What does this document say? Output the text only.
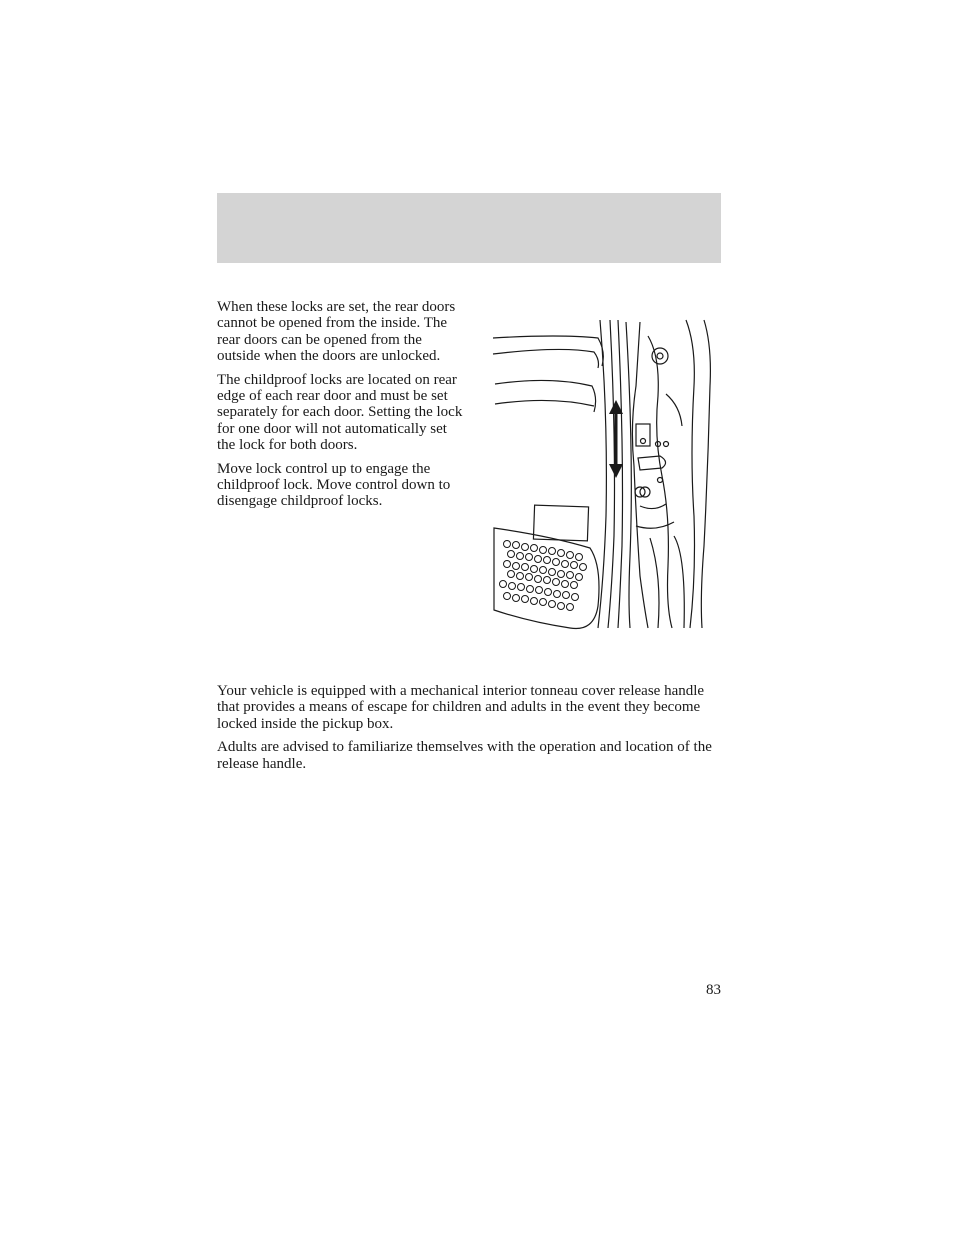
When these locks are set, the rear doors cannot be opened from the inside. The rear doors can be opened from the outside when the doors are unlocked.

The childproof locks are located on rear edge of each rear door and must be set separately for each door. Setting the lock for one door will not automatically set the lock for both doors.

Move lock control up to engage the childproof lock. Move control down to disengage childproof locks.

Your vehicle is equipped with a mechanical interior tonneau cover release handle that provides a means of escape for children and adults in the event they become locked inside the pickup box.

Adults are advised to familiarize themselves with the operation and location of the release handle.

83
